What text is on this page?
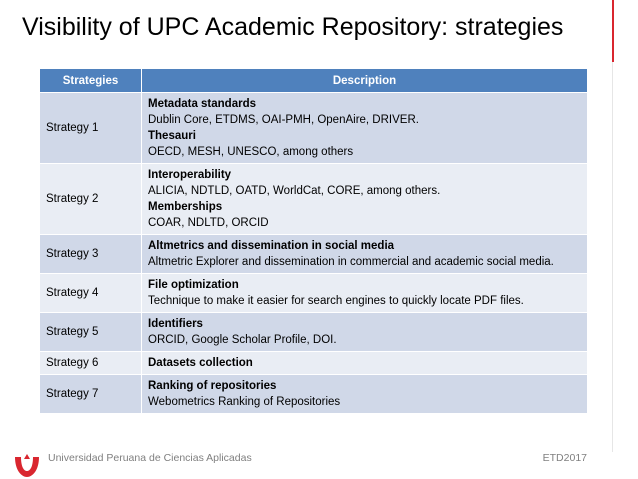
Visibility of UPC Academic Repository: strategies
Strategies	Description
Strategy 1	Metadata standards
Dublin Core, ETDMS, OAI-PMH, OpenAire, DRIVER.
Thesauri
OECD, MESH, UNESCO, among others

Strategy 2	Interoperability
ALICIA, NDTLD, OATD, WorldCat, CORE, among others.
Memberships
COAR, NDLTD, ORCID

Strategy 3	Altmetrics and dissemination in social media
Altmetric Explorer and dissemination in commercial and academic social media.

Strategy 4	File optimization
Technique to make it easier for search engines to quickly locate PDF files.

Strategy 5	Identifiers
ORCID, Google Scholar Profile, DOI.

Strategy 6	Datasets collection

Strategy 7	Ranking of repositories
Webometrics Ranking of Repositories
Universidad Peruana de Ciencias Aplicadas	ETD2017
